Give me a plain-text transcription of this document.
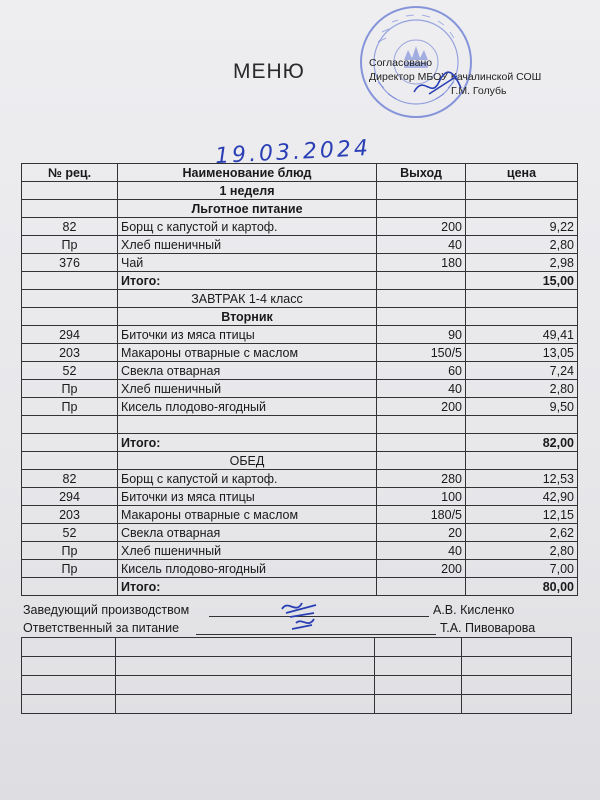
МЕНЮ	Согласовано
Директор МБОУ Качалинской СОШ
Г.М. Голубь
19.03.2024
№ рец.	Наименование блюд	Выход	цена
	1 неделя		
	Льготное питание		
82	Борщ с капустой и картоф.	200	9,22
Пр	Хлеб пшеничный	40	2,80
376	Чай	180	2,98
	Итого:		15,00
	ЗАВТРАК 1-4 класс		
	Вторник		
294	Биточки из мяса птицы	90	49,41
203	Макароны отварные с маслом	150/5	13,05
52	Свекла отварная	60	7,24
Пр	Хлеб пшеничный	40	2,80
Пр	Кисель плодово-ягодный	200	9,50

	Итого:		82,00
	ОБЕД		
82	Борщ с капустой и картоф.	280	12,53
294	Биточки из мяса птицы	100	42,90
203	Макароны отварные с маслом	180/5	12,15
52	Свекла отварная	20	2,62
Пр	Хлеб пшеничный	40	2,80
Пр	Кисель плодово-ягодный	200	7,00
	Итого:		80,00
Заведующий производством	А.В. Кисленко
Ответственный за питание	Т.А. Пивоварова
